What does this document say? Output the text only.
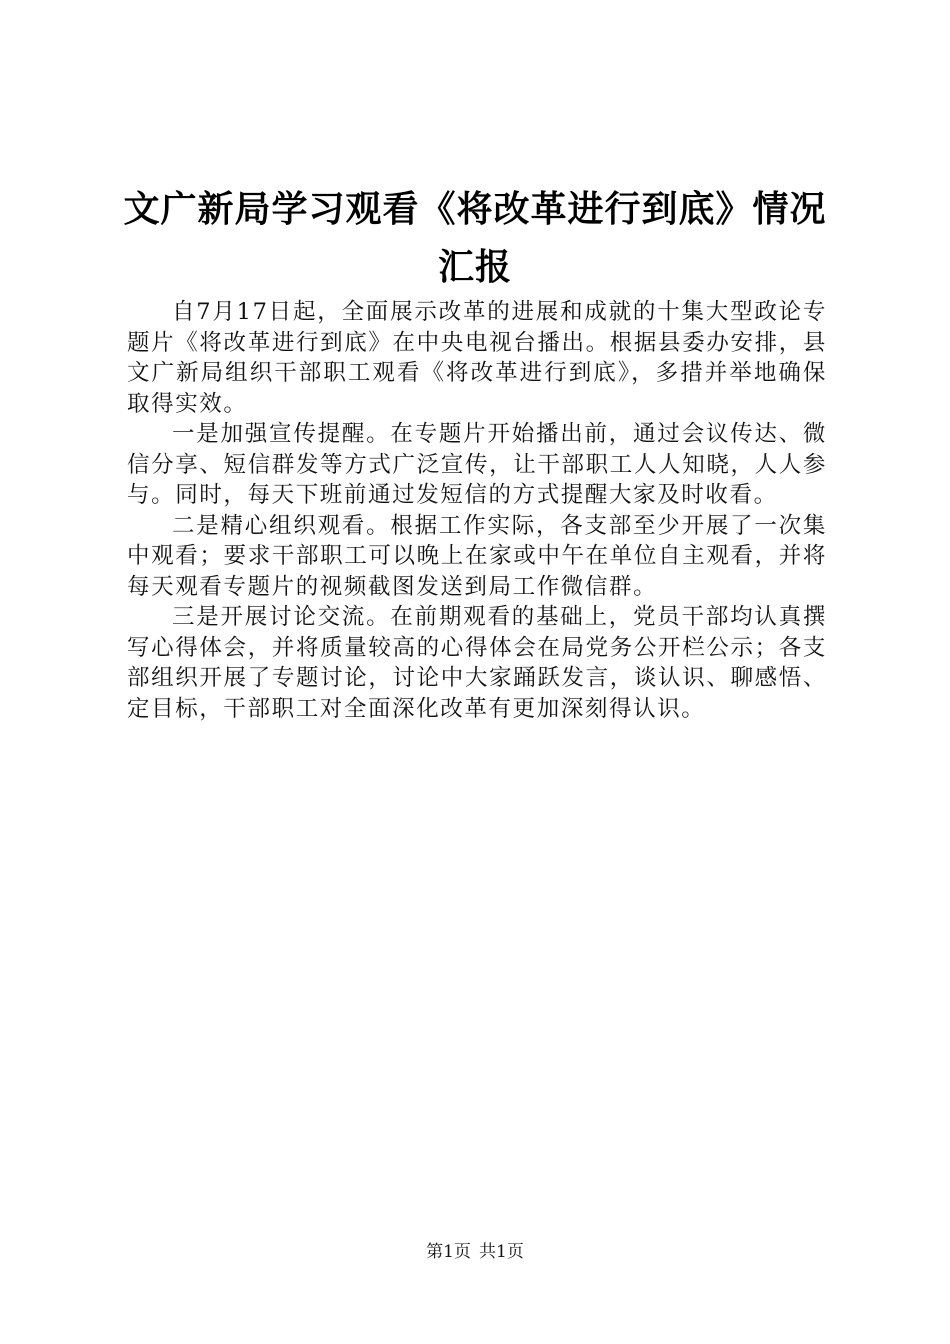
文广新局学习观看《将改革进行到底》情况汇报

自7月17日起，全面展示改革的进展和成就的十集大型政论专题片《将改革进行到底》在中央电视台播出。根据县委办安排，县文广新局组织干部职工观看《将改革进行到底》，多措并举地确保取得实效。

一是加强宣传提醒。在专题片开始播出前，通过会议传达、微信分享、短信群发等方式广泛宣传，让干部职工人人知晓，人人参与。同时，每天下班前通过发短信的方式提醒大家及时收看。

二是精心组织观看。根据工作实际，各支部至少开展了一次集中观看；要求干部职工可以晚上在家或中午在单位自主观看，并将每天观看专题片的视频截图发送到局工作微信群。

三是开展讨论交流。在前期观看的基础上，党员干部均认真撰写心得体会，并将质量较高的心得体会在局党务公开栏公示；各支部组织开展了专题讨论，讨论中大家踊跃发言，谈认识、聊感悟、定目标，干部职工对全面深化改革有更加深刻得认识。

第1页 共1页
